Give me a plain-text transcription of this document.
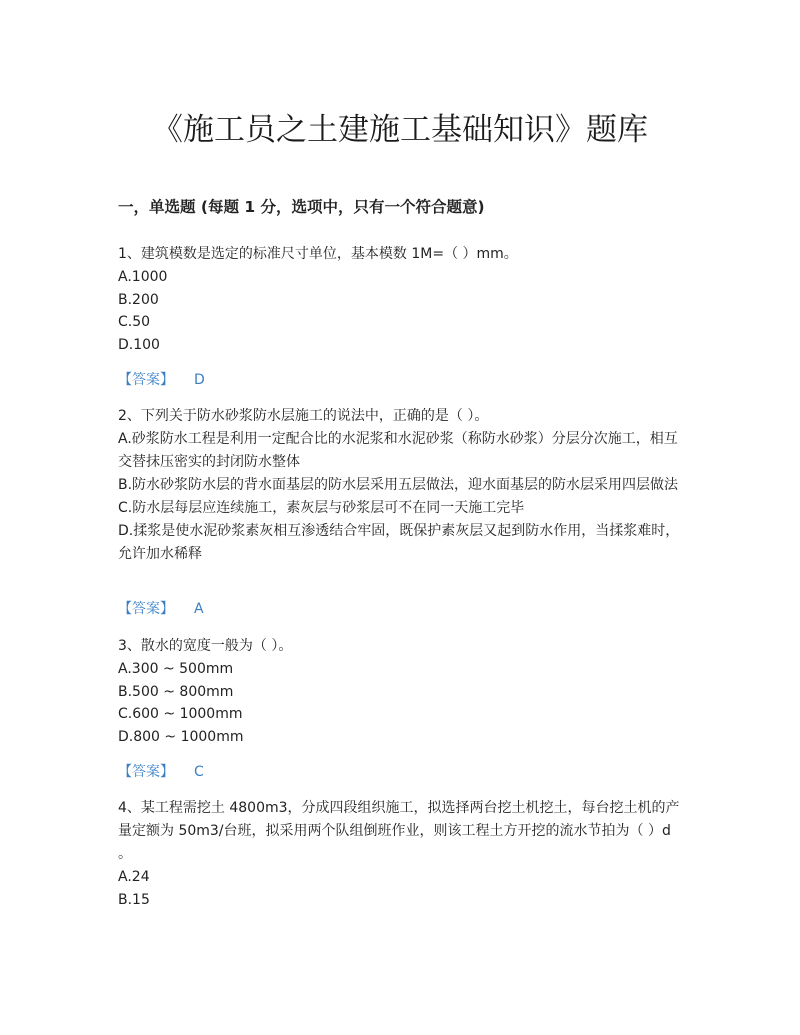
《施工员之土建施工基础知识》题库
一，单选题 (每题 1 分，选项中，只有一个符合题意)
1、建筑模数是选定的标准尺寸单位，基本模数 1M=（ ）mm。
A.1000
B.200
C.50
D.100
【答案】 D
2、下列关于防水砂浆防水层施工的说法中，正确的是（ ）。
A.砂浆防水工程是利用一定配合比的水泥浆和水泥砂浆（称防水砂浆）分层分次施工，相互交替抹压密实的封闭防水整体
B.防水砂浆防水层的背水面基层的防水层采用五层做法，迎水面基层的防水层采用四层做法
C.防水层每层应连续施工，素灰层与砂浆层可不在同一天施工完毕
D.揉浆是使水泥砂浆素灰相互渗透结合牢固，既保护素灰层又起到防水作用，当揉浆难时，允许加水稀释
【答案】 A
3、散水的宽度一般为（ ）。
A.300 ~ 500mm
B.500 ~ 800mm
C.600 ~ 1000mm
D.800 ~ 1000mm
【答案】 C
4、某工程需挖土 4800m3，分成四段组织施工，拟选择两台挖土机挖土，每台挖土机的产
量定额为 50m3/台班，拟采用两个队组倒班作业，则该工程土方开挖的流水节拍为（ ）d
。
A.24
B.15
